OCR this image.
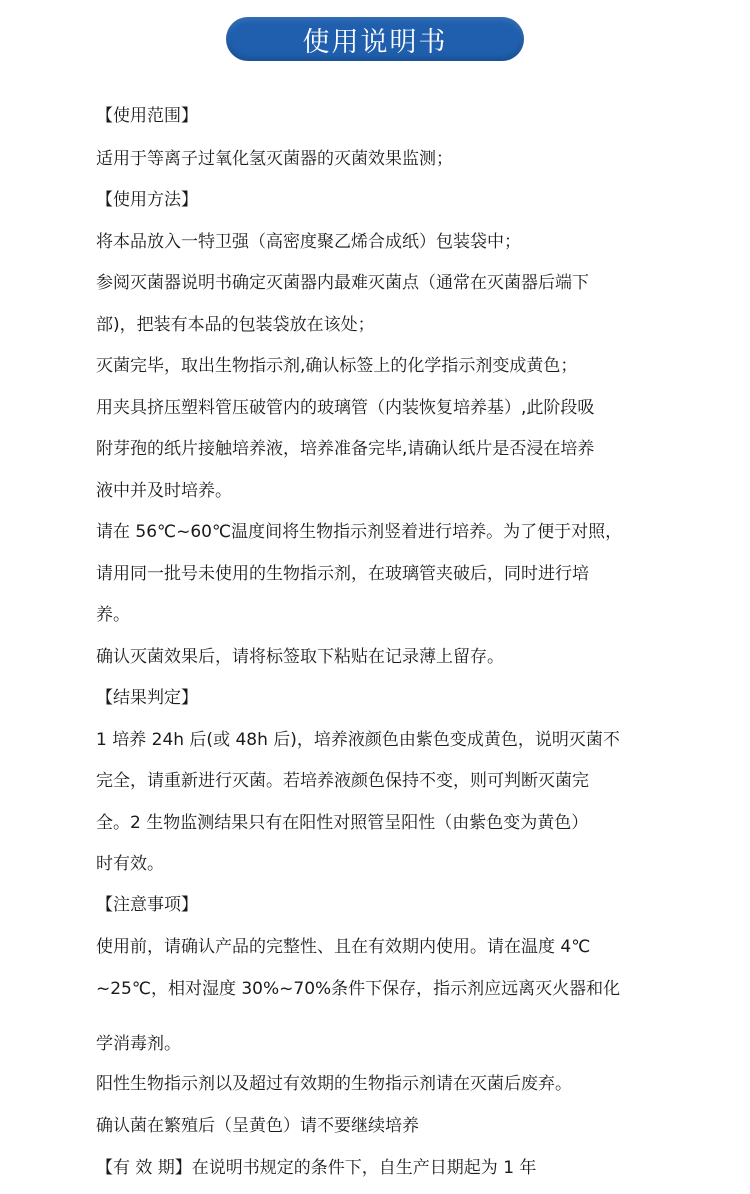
使用说明书
【使用范围】
适用于等离子过氧化氢灭菌器的灭菌效果监测；
【使用方法】
将本品放入一特卫强（高密度聚乙烯合成纸）包装袋中；
参阅灭菌器说明书确定灭菌器内最难灭菌点（通常在灭菌器后端下
部)，把装有本品的包装袋放在该处；
灭菌完毕，取出生物指示剂,确认标签上的化学指示剂变成黄色；
用夹具挤压塑料管压破管内的玻璃管（内装恢复培养基）,此阶段吸
附芽孢的纸片接触培养液，培养准备完毕,请确认纸片是否浸在培养
液中并及时培养。
请在 56℃~60℃温度间将生物指示剂竖着进行培养。为了便于对照，
请用同一批号未使用的生物指示剂，在玻璃管夹破后，同时进行培
养。
确认灭菌效果后，请将标签取下粘贴在记录薄上留存。
【结果判定】
1 培养 24h 后(或 48h 后)，培养液颜色由紫色变成黄色，说明灭菌不
完全，请重新进行灭菌。若培养液颜色保持不变，则可判断灭菌完
全。2 生物监测结果只有在阳性对照管呈阳性（由紫色变为黄色）
时有效。
【注意事项】
使用前，请确认产品的完整性、且在有效期内使用。请在温度 4℃
~25℃，相对湿度 30%~70%条件下保存，指示剂应远离灭火器和化
学消毒剂。
阳性生物指示剂以及超过有效期的生物指示剂请在灭菌后废弃。
确认菌在繁殖后（呈黄色）请不要继续培养
【有 效 期】在说明书规定的条件下，自生产日期起为 1 年
